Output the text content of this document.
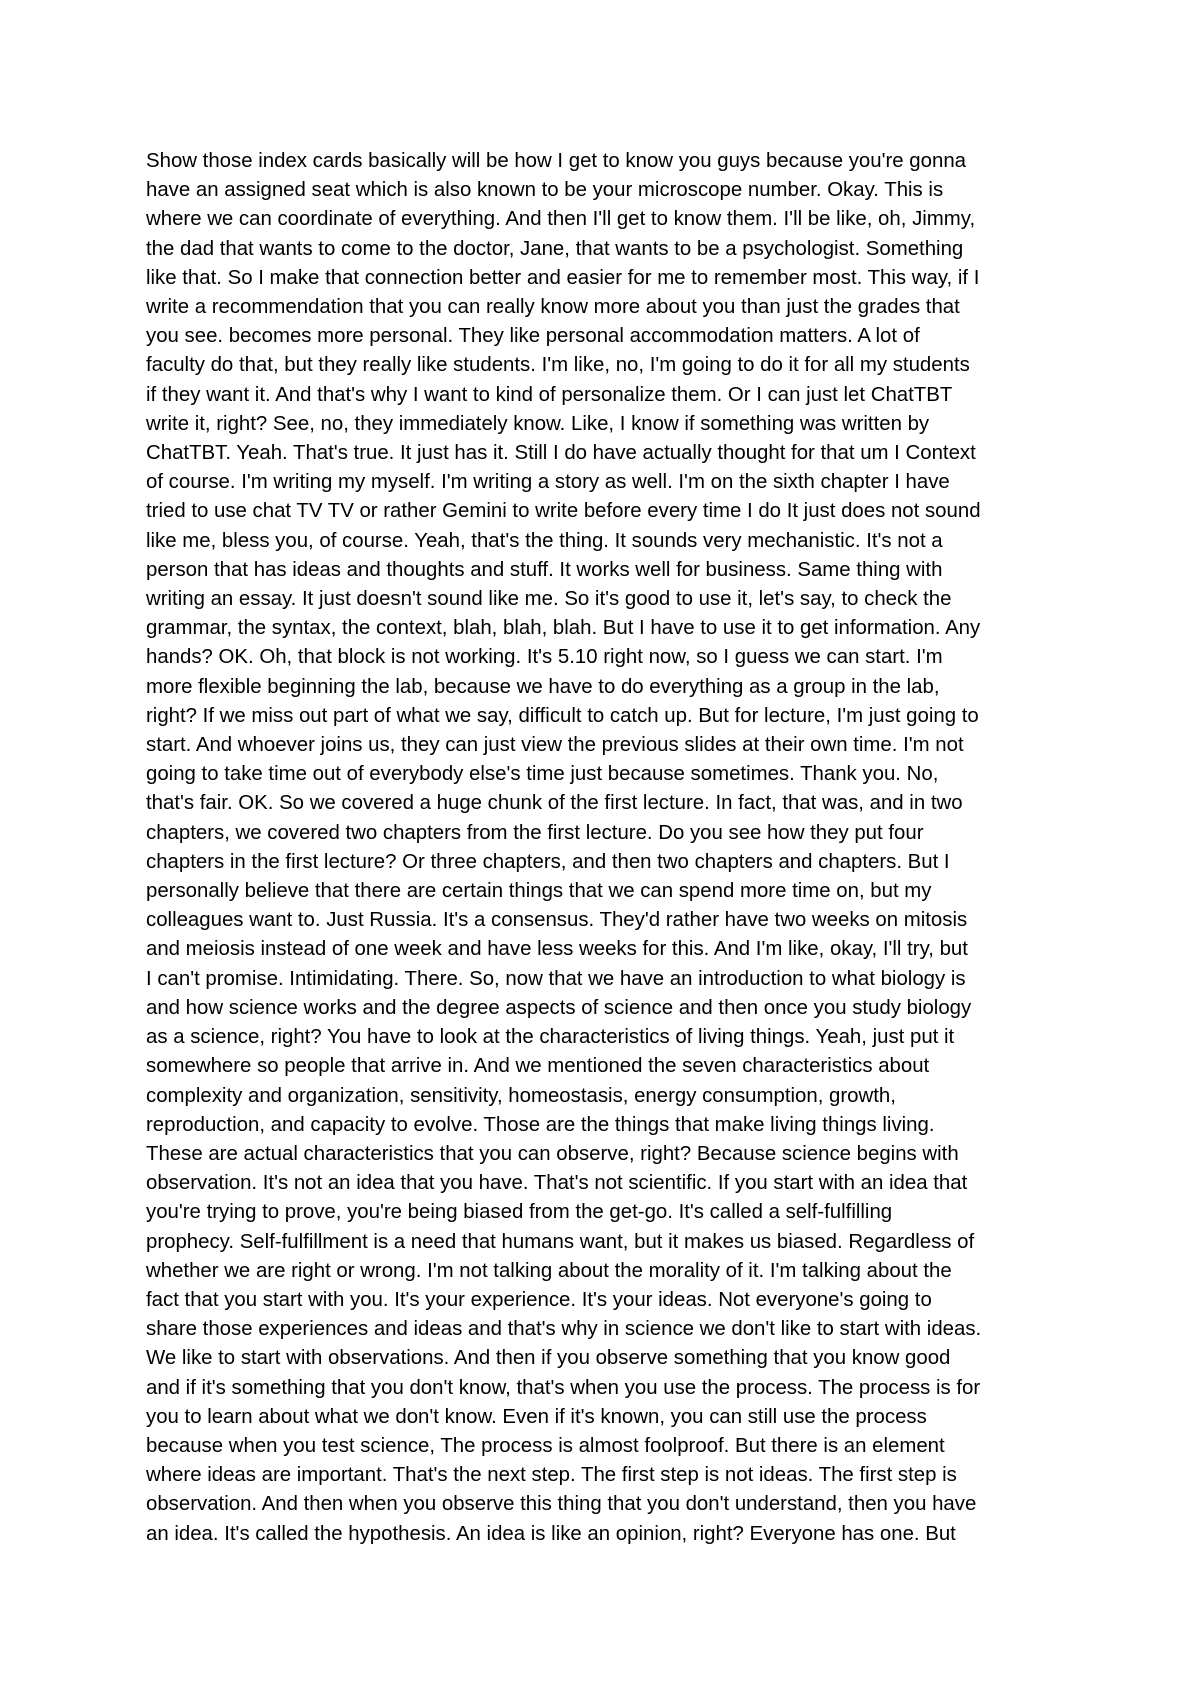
Show those index cards basically will be how I get to know you guys because you're gonna
have an assigned seat which is also known to be your microscope number. Okay. This is
where we can coordinate of everything. And then I'll get to know them. I'll be like, oh, Jimmy,
the dad that wants to come to the doctor, Jane, that wants to be a psychologist. Something
like that. So I make that connection better and easier for me to remember most. This way, if I
write a recommendation that you can really know more about you than just the grades that
you see. becomes more personal. They like personal accommodation matters. A lot of
faculty do that, but they really like students. I'm like, no, I'm going to do it for all my students
if they want it. And that's why I want to kind of personalize them. Or I can just let ChatTBT
write it, right? See, no, they immediately know. Like, I know if something was written by
ChatTBT. Yeah. That's true. It just has it. Still I do have actually thought for that um I Context
of course. I'm writing my myself. I'm writing a story as well. I'm on the sixth chapter I have
tried to use chat TV TV or rather Gemini to write before every time I do It just does not sound
like me, bless you, of course. Yeah, that's the thing. It sounds very mechanistic. It's not a
person that has ideas and thoughts and stuff. It works well for business. Same thing with
writing an essay. It just doesn't sound like me. So it's good to use it, let's say, to check the
grammar, the syntax, the context, blah, blah, blah. But I have to use it to get information. Any
hands? OK. Oh, that block is not working. It's 5.10 right now, so I guess we can start. I'm
more flexible beginning the lab, because we have to do everything as a group in the lab,
right? If we miss out part of what we say, difficult to catch up. But for lecture, I'm just going to
start. And whoever joins us, they can just view the previous slides at their own time. I'm not
going to take time out of everybody else's time just because sometimes. Thank you. No,
that's fair. OK. So we covered a huge chunk of the first lecture. In fact, that was, and in two
chapters, we covered two chapters from the first lecture. Do you see how they put four
chapters in the first lecture? Or three chapters, and then two chapters and chapters. But I
personally believe that there are certain things that we can spend more time on, but my
colleagues want to. Just Russia. It's a consensus. They'd rather have two weeks on mitosis
and meiosis instead of one week and have less weeks for this. And I'm like, okay, I'll try, but
I can't promise. Intimidating. There. So, now that we have an introduction to what biology is
and how science works and the degree aspects of science and then once you study biology
as a science, right? You have to look at the characteristics of living things. Yeah, just put it
somewhere so people that arrive in. And we mentioned the seven characteristics about
complexity and organization, sensitivity, homeostasis, energy consumption, growth,
reproduction, and capacity to evolve. Those are the things that make living things living.
These are actual characteristics that you can observe, right? Because science begins with
observation. It's not an idea that you have. That's not scientific. If you start with an idea that
you're trying to prove, you're being biased from the get-go. It's called a self-fulfilling
prophecy. Self-fulfillment is a need that humans want, but it makes us biased. Regardless of
whether we are right or wrong. I'm not talking about the morality of it. I'm talking about the
fact that you start with you. It's your experience. It's your ideas. Not everyone's going to
share those experiences and ideas and that's why in science we don't like to start with ideas.
We like to start with observations. And then if you observe something that you know good
and if it's something that you don't know, that's when you use the process. The process is for
you to learn about what we don't know. Even if it's known, you can still use the process
because when you test science, The process is almost foolproof. But there is an element
where ideas are important. That's the next step. The first step is not ideas. The first step is
observation. And then when you observe this thing that you don't understand, then you have
an idea. It's called the hypothesis. An idea is like an opinion, right? Everyone has one. But
